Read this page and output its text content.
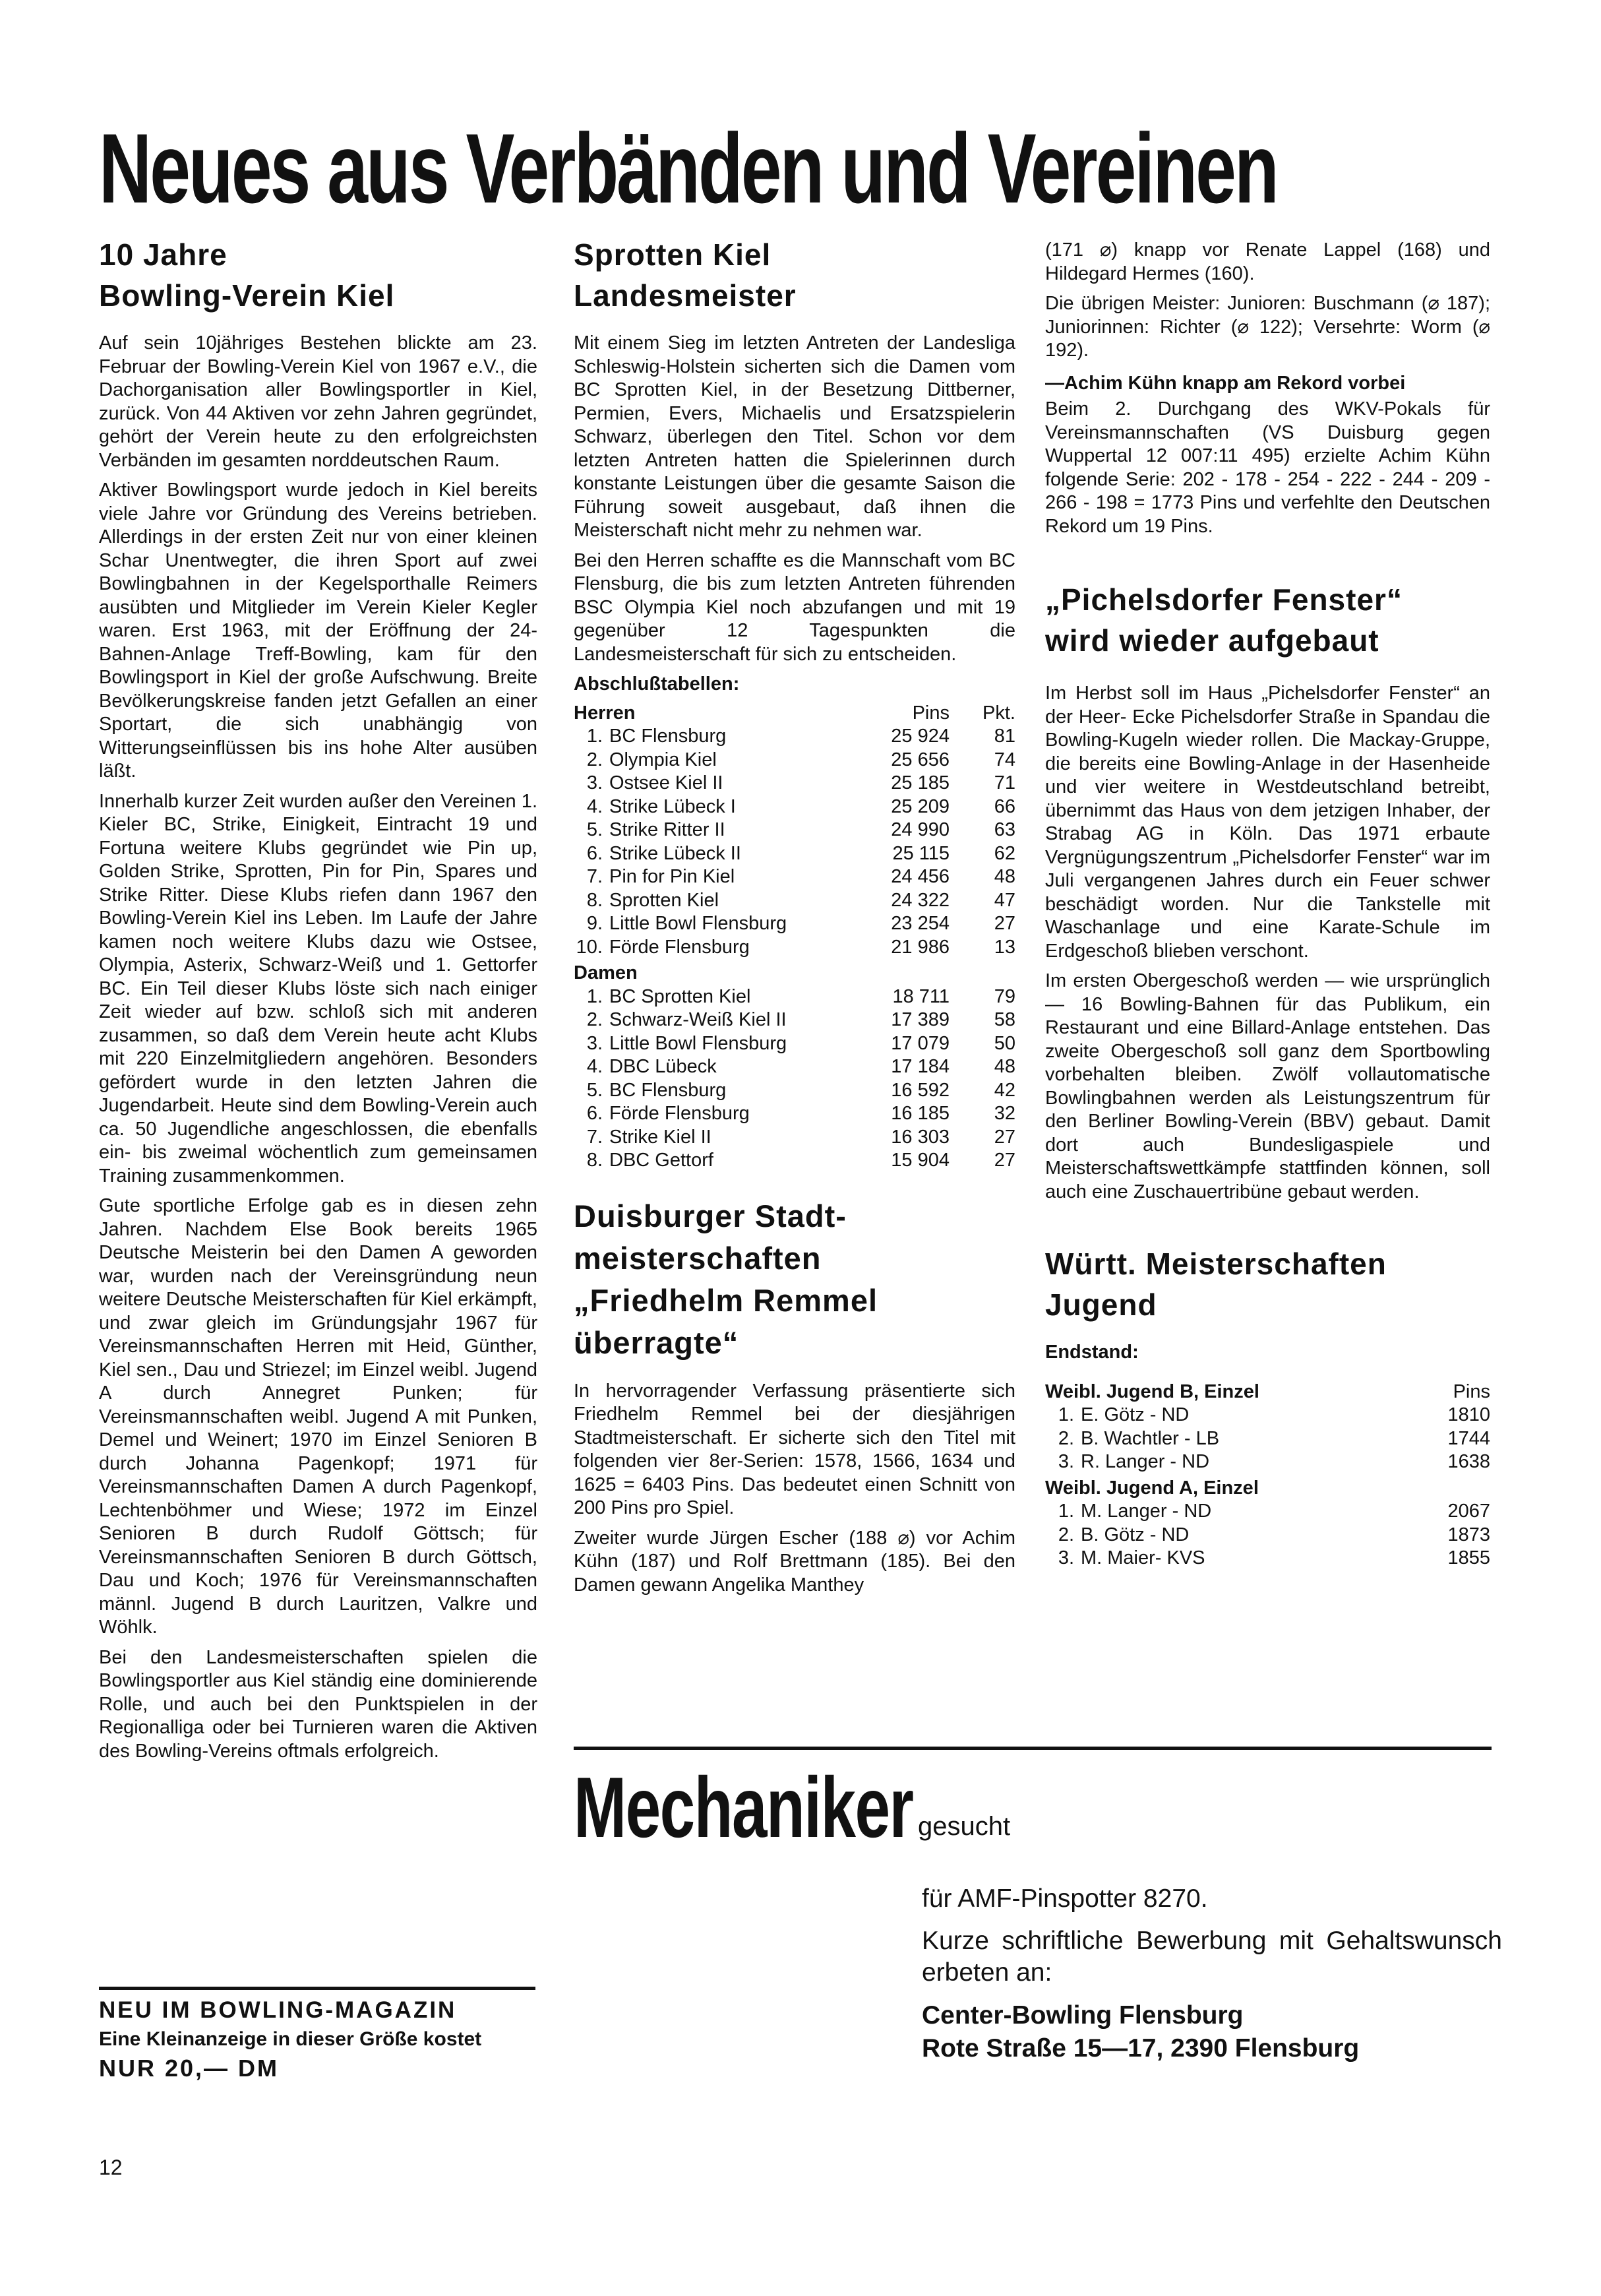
Neues aus Verbänden und Vereinen
10 Jahre
Bowling-Verein Kiel

Auf sein 10jähriges Bestehen blickte am 23. Februar der Bowling-Verein Kiel von 1967 e.V., die Dachorganisation aller Bowlingsportler in Kiel, zurück. Von 44 Aktiven vor zehn Jahren gegründet, gehört der Verein heute zu den erfolgreichsten Verbänden im gesamten norddeutschen Raum.

Aktiver Bowlingsport wurde jedoch in Kiel bereits viele Jahre vor Gründung des Vereins betrieben. Allerdings in der ersten Zeit nur von einer kleinen Schar Unentwegter, die ihren Sport auf zwei Bowlingbahnen in der Kegelsporthalle Reimers ausübten und Mitglieder im Verein Kieler Kegler waren. Erst 1963, mit der Eröffnung der 24-Bahnen-Anlage Treff-Bowling, kam für den Bowlingsport in Kiel der große Aufschwung. Breite Bevölkerungskreise fanden jetzt Gefallen an einer Sportart, die sich unabhängig von Witterungseinflüssen bis ins hohe Alter ausüben läßt.

Innerhalb kurzer Zeit wurden außer den Vereinen 1. Kieler BC, Strike, Einigkeit, Eintracht 19 und Fortuna weitere Klubs gegründet wie Pin up, Golden Strike, Sprotten, Pin for Pin, Spares und Strike Ritter. Diese Klubs riefen dann 1967 den Bowling-Verein Kiel ins Leben. Im Laufe der Jahre kamen noch weitere Klubs dazu wie Ostsee, Olympia, Asterix, Schwarz-Weiß und 1. Gettorfer BC. Ein Teil dieser Klubs löste sich nach einiger Zeit wieder auf bzw. schloß sich mit anderen zusammen, so daß dem Verein heute acht Klubs mit 220 Einzelmitgliedern angehören. Besonders gefördert wurde in den letzten Jahren die Jugendarbeit. Heute sind dem Bowling-Verein auch ca. 50 Jugendliche angeschlossen, die ebenfalls ein- bis zweimal wöchentlich zum gemeinsamen Training zusammenkommen.

Gute sportliche Erfolge gab es in diesen zehn Jahren. Nachdem Else Book bereits 1965 Deutsche Meisterin bei den Damen A geworden war, wurden nach der Vereinsgründung neun weitere Deutsche Meisterschaften für Kiel erkämpft, und zwar gleich im Gründungsjahr 1967 für Vereinsmannschaften Herren mit Heid, Günther, Kiel sen., Dau und Striezel; im Einzel weibl. Jugend A durch Annegret Punken; für Vereinsmannschaften weibl. Jugend A mit Punken, Demel und Weinert; 1970 im Einzel Senioren B durch Johanna Pagenkopf; 1971 für Vereinsmannschaften Damen A durch Pagenkopf, Lechtenböhmer und Wiese; 1972 im Einzel Senioren B durch Rudolf Göttsch; für Vereinsmannschaften Senioren B durch Göttsch, Dau und Koch; 1976 für Vereinsmannschaften männl. Jugend B durch Lauritzen, Valkre und Wöhlk.

Bei den Landesmeisterschaften spielen die Bowlingsportler aus Kiel ständig eine dominierende Rolle, und auch bei den Punktspielen in der Regionalliga oder bei Turnieren waren die Aktiven des Bowling-Vereins oftmals erfolgreich.

NEU IM BOWLING-MAGAZIN
Eine Kleinanzeige in dieser Größe kostet
NUR 20,— DM
12
Sprotten Kiel
Landesmeister

Mit einem Sieg im letzten Antreten der Landesliga Schleswig-Holstein sicherten sich die Damen vom BC Sprotten Kiel, in der Besetzung Dittberner, Permien, Evers, Michaelis und Ersatzspielerin Schwarz, überlegen den Titel. Schon vor dem letzten Antreten hatten die Spielerinnen durch konstante Leistungen über die gesamte Saison die Führung soweit ausgebaut, daß ihnen die Meisterschaft nicht mehr zu nehmen war.

Bei den Herren schaffte es die Mannschaft vom BC Flensburg, die bis zum letzten Antreten führenden BSC Olympia Kiel noch abzufangen und mit 19 gegenüber 12 Tagespunkten die Landesmeisterschaft für sich zu entscheiden.

Abschlußtabellen:
Herren		Pins	Pkt.
1.	BC Flensburg	25 924	81
2.	Olympia Kiel	25 656	74
3.	Ostsee Kiel II	25 185	71
4.	Strike Lübeck I	25 209	66
5.	Strike Ritter II	24 990	63
6.	Strike Lübeck II	25 115	62
7.	Pin for Pin Kiel	24 456	48
8.	Sprotten Kiel	24 322	47
9.	Little Bowl Flensburg	23 254	27
10.	Förde Flensburg	21 986	13
Damen			
1.	BC Sprotten Kiel	18 711	79
2.	Schwarz-Weiß Kiel II	17 389	58
3.	Little Bowl Flensburg	17 079	50
4.	DBC Lübeck	17 184	48
5.	BC Flensburg	16 592	42
6.	Förde Flensburg	16 185	32
7.	Strike Kiel II	16 303	27
8.	DBC Gettorf	15 904	27
Duisburger Stadt-
meisterschaften
„Friedhelm Remmel
überragte“

In hervorragender Verfassung präsentierte sich Friedhelm Remmel bei der diesjährigen Stadtmeisterschaft. Er sicherte sich den Titel mit folgenden vier 8er-Serien: 1578, 1566, 1634 und 1625 = 6403 Pins. Das bedeutet einen Schnitt von 200 Pins pro Spiel.

Zweiter wurde Jürgen Escher (188 ⌀) vor Achim Kühn (187) und Rolf Brettmann (185). Bei den Damen gewann Angelika Manthey

(171 ⌀) knapp vor Renate Lappel (168) und Hildegard Hermes (160).

Die übrigen Meister: Junioren: Buschmann (⌀ 187); Juniorinnen: Richter (⌀ 122); Versehrte: Worm (⌀ 192).

—Achim Kühn knapp am Rekord vorbei

Beim 2. Durchgang des WKV-Pokals für Vereinsmannschaften (VS Duisburg gegen Wuppertal 12 007:11 495) erzielte Achim Kühn folgende Serie: 202 - 178 - 254 - 222 - 244 - 209 - 266 - 198 = 1773 Pins und verfehlte den Deutschen Rekord um 19 Pins.

„Pichelsdorfer Fenster“
wird wieder aufgebaut

Im Herbst soll im Haus „Pichelsdorfer Fenster“ an der Heer- Ecke Pichelsdorfer Straße in Spandau die Bowling-Kugeln wieder rollen. Die Mackay-Gruppe, die bereits eine Bowling-Anlage in der Hasenheide und vier weitere in Westdeutschland betreibt, übernimmt das Haus von dem jetzigen Inhaber, der Strabag AG in Köln. Das 1971 erbaute Vergnügungszentrum „Pichelsdorfer Fenster“ war im Juli vergangenen Jahres durch ein Feuer schwer beschädigt worden. Nur die Tankstelle mit Waschanlage und eine Karate-Schule im Erdgeschoß blieben verschont.

Im ersten Obergeschoß werden — wie ursprünglich — 16 Bowling-Bahnen für das Publikum, ein Restaurant und eine Billard-Anlage entstehen. Das zweite Obergeschoß soll ganz dem Sportbowling vorbehalten bleiben. Zwölf vollautomatische Bowlingbahnen werden als Leistungszentrum für den Berliner Bowling-Verein (BBV) gebaut. Damit dort auch Bundesligaspiele und Meisterschaftswettkämpfe stattfinden können, soll auch eine Zuschauertribüne gebaut werden.

Württ. Meisterschaften
Jugend
Endstand:
Weibl. Jugend B, Einzel		Pins
1.	E. Götz - ND	1810
2.	B. Wachtler - LB	1744
3.	R. Langer - ND	1638
Weibl. Jugend A, Einzel		
1.	M. Langer - ND	2067
2.	B. Götz - ND	1873
3.	M. Maier- KVS	1855
Mechaniker gesucht

für AMF-Pinspotter 8270.

Kurze schriftliche Bewerbung mit Gehaltswunsch erbeten an:

Center-Bowling Flensburg

Rote Straße 15—17, 2390 Flensburg
